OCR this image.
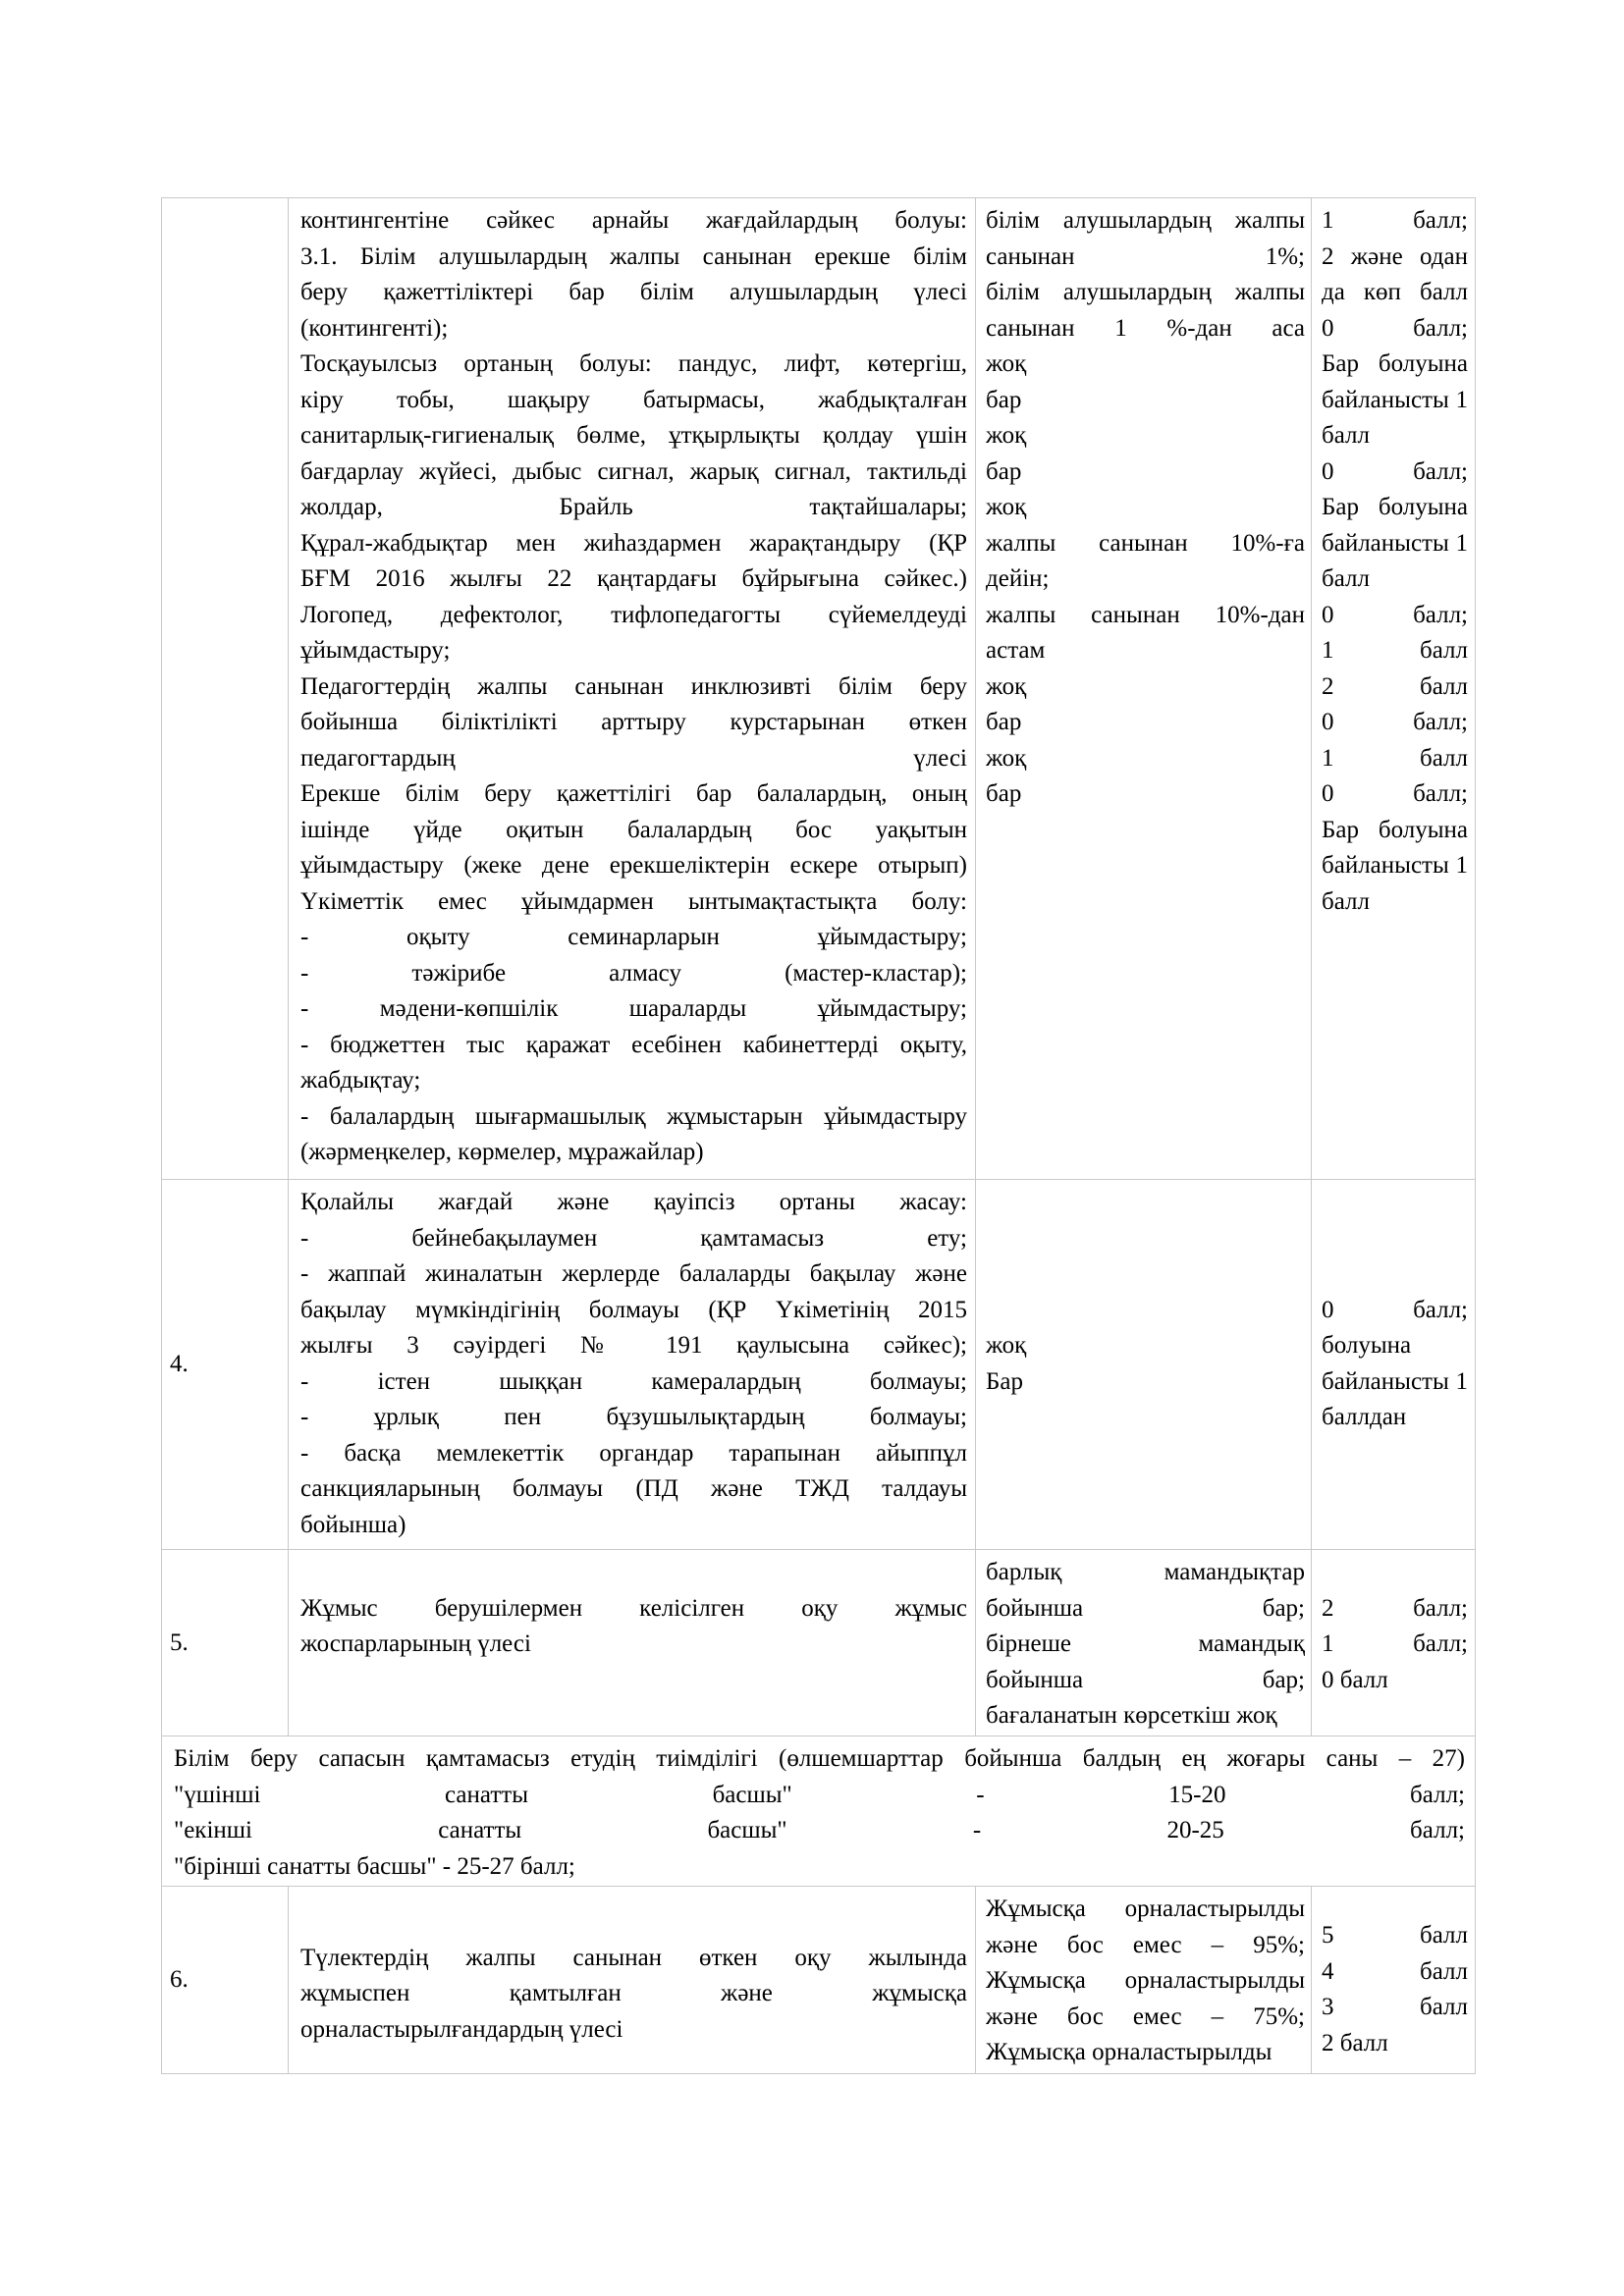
контингентіне сәйкес арнайы жағдайлардың болуы:
3.1. Білім алушылардың жалпы санынан ерекше білім
беру қажеттіліктері бар білім алушылардың үлесі
(контингенті);
Тосқауылсыз ортаның болуы: пандус, лифт, көтергіш,
кіру тобы, шақыру батырмасы, жабдықталған
санитарлық-гигиеналық бөлме, ұтқырлықты қолдау үшін
бағдарлау жүйесі, дыбыс сигнал, жарық сигнал, тактильді
жолдар, Брайль тақтайшалары;
Құрал-жабдықтар мен жиһаздармен жарақтандыру (ҚР
БҒМ 2016 жылғы 22 қаңтардағы бұйрығына сәйкес.)
Логопед, дефектолог, тифлопедагогты сүйемелдеуді
ұйымдастыру;
Педагогтердің жалпы санынан инклюзивті білім беру
бойынша біліктілікті арттыру курстарынан өткен
педагогтардың үлесі
Ерекше білім беру қажеттілігі бар балалардың, оның
ішінде үйде оқитын балалардың бос уақытын
ұйымдастыру (жеке дене ерекшеліктерін ескере отырып)
Үкіметтік емес ұйымдармен ынтымақтастықта болу:
- оқыту семинарларын ұйымдастыру;
- тәжірибе алмасу (мастер-кластар);
- мәдени-көпшілік шараларды ұйымдастыру;
- бюджеттен тыс қаражат есебінен кабинеттерді оқыту,
жабдықтау;
- балалардың шығармашылық жұмыстарын ұйымдастыру
(жәрмеңкелер, көрмелер, мұражайлар)
білім алушылардың жалпы
санынан 1%;
білім алушылардың жалпы
санынан 1 %-дан аса
жоқ
бар
жоқ
бар
жоқ
жалпы санынан 10%-ға
дейін;
жалпы санынан 10%-дан
астам
жоқ
бар
жоқ
бар
1 балл;
2 және одан
да көп балл
0 балл;
Бар болуына
байланысты 1
балл
0 балл;
Бар болуына
байланысты 1
балл
0 балл;
1 балл
2 балл
0 балл;
1 балл
0 балл;
Бар болуына
байланысты 1
балл
4.
Қолайлы жағдай және қауіпсіз ортаны жасау:
- бейнебақылаумен қамтамасыз ету;
- жаппай жиналатын жерлерде балаларды бақылау және
бақылау мүмкіндігінің болмауы (ҚР Үкіметінің 2015
жылғы 3 сәуірдегі № 191 қаулысына сәйкес);
- істен шыққан камералардың болмауы;
- ұрлық пен бұзушылықтардың болмауы;
- басқа мемлекеттік органдар тарапынан айыппұл
санкцияларының болмауы (ПД және ТЖД талдауы
бойынша)

жоқ
Бар

0 балл;
болуына
байланысты 1
баллдан
5.

Жұмыс берушілермен келісілген оқу жұмыс
жоспарларының үлесі
барлық мамандықтар
бойынша бар;
бірнеше мамандық
бойынша бар;
бағаланатын көрсеткіш жоқ

2 балл;
1 балл;
0 балл
Білім беру сапасын қамтамасыз етудің тиімділігі (өлшемшарттар бойынша балдың ең жоғары саны – 27)
"үшінші санатты басшы" - 15-20 балл;
"екінші санатты басшы" - 20-25 балл;
"бірінші санатты басшы" - 25-27 балл;
6.

Түлектердің жалпы санынан өткен оқу жылында
жұмыспен қамтылған және жұмысқа
орналастырылғандардың үлесі
Жұмысқа орналастырылды
және бос емес – 95%;
Жұмысқа орналастырылды
және бос емес – 75%;
Жұмысқа орналастырылды
5 балл
4 балл
3 балл
2 балл
